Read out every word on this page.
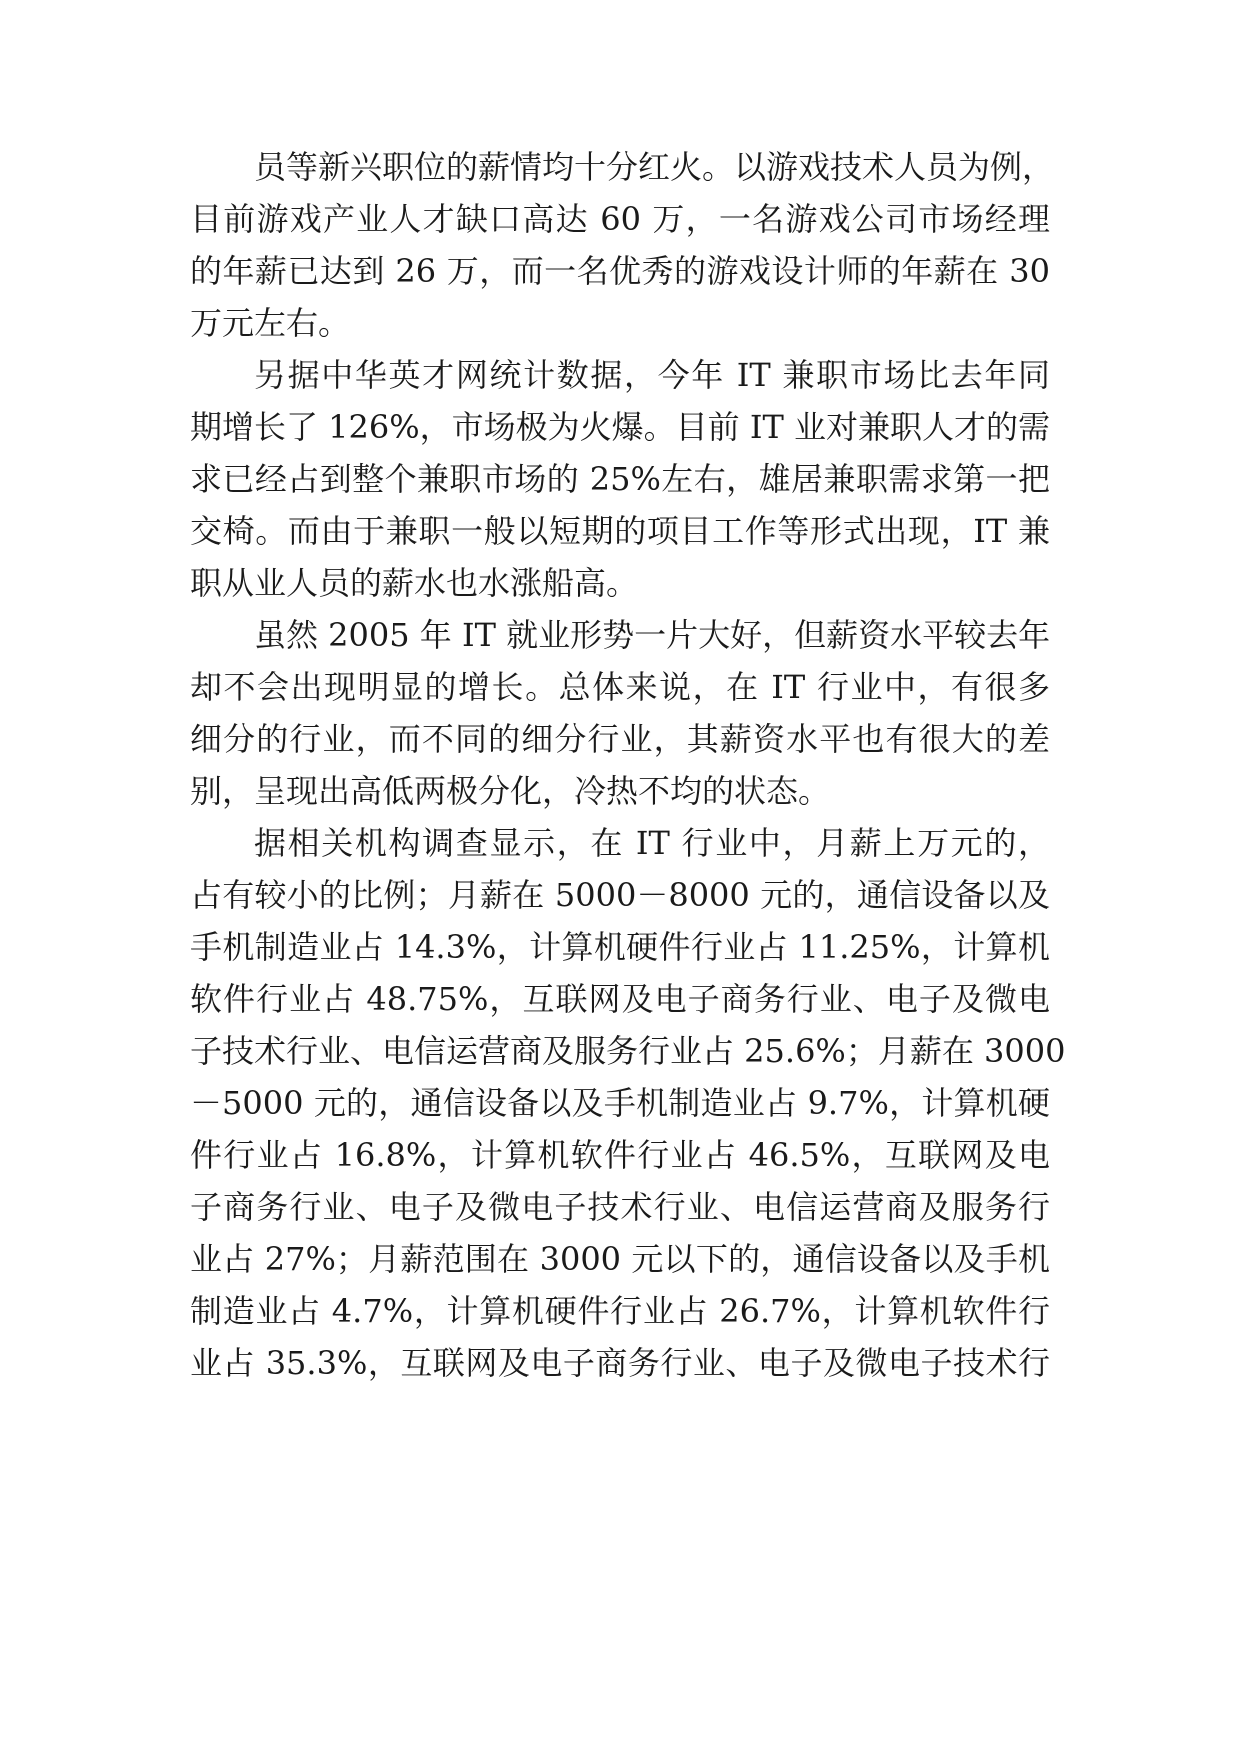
员等新兴职位的薪情均十分红火。以游戏技术人员为例，
目前游戏产业人才缺口高达 60 万，一名游戏公司市场经理
的年薪已达到 26 万，而一名优秀的游戏设计师的年薪在 30
万元左右。
另据中华英才网统计数据，今年 IT 兼职市场比去年同
期增长了 126%，市场极为火爆。目前 IT 业对兼职人才的需
求已经占到整个兼职市场的 25%左右，雄居兼职需求第一把
交椅。而由于兼职一般以短期的项目工作等形式出现，IT 兼
职从业人员的薪水也水涨船高。
虽然 2005 年 IT 就业形势一片大好，但薪资水平较去年
却不会出现明显的增长。总体来说，在 IT 行业中，有很多
细分的行业，而不同的细分行业，其薪资水平也有很大的差
别，呈现出高低两极分化，冷热不均的状态。
据相关机构调查显示，在 IT 行业中，月薪上万元的，
占有较小的比例；月薪在 5000－8000 元的，通信设备以及
手机制造业占 14.3%，计算机硬件行业占 11.25%，计算机
软件行业占 48.75%，互联网及电子商务行业、电子及微电
子技术行业、电信运营商及服务行业占 25.6%；月薪在 3000
－5000 元的，通信设备以及手机制造业占 9.7%，计算机硬
件行业占 16.8%，计算机软件行业占 46.5%，互联网及电
子商务行业、电子及微电子技术行业、电信运营商及服务行
业占 27%；月薪范围在 3000 元以下的，通信设备以及手机
制造业占 4.7%，计算机硬件行业占 26.7%，计算机软件行
业占 35.3%，互联网及电子商务行业、电子及微电子技术行
